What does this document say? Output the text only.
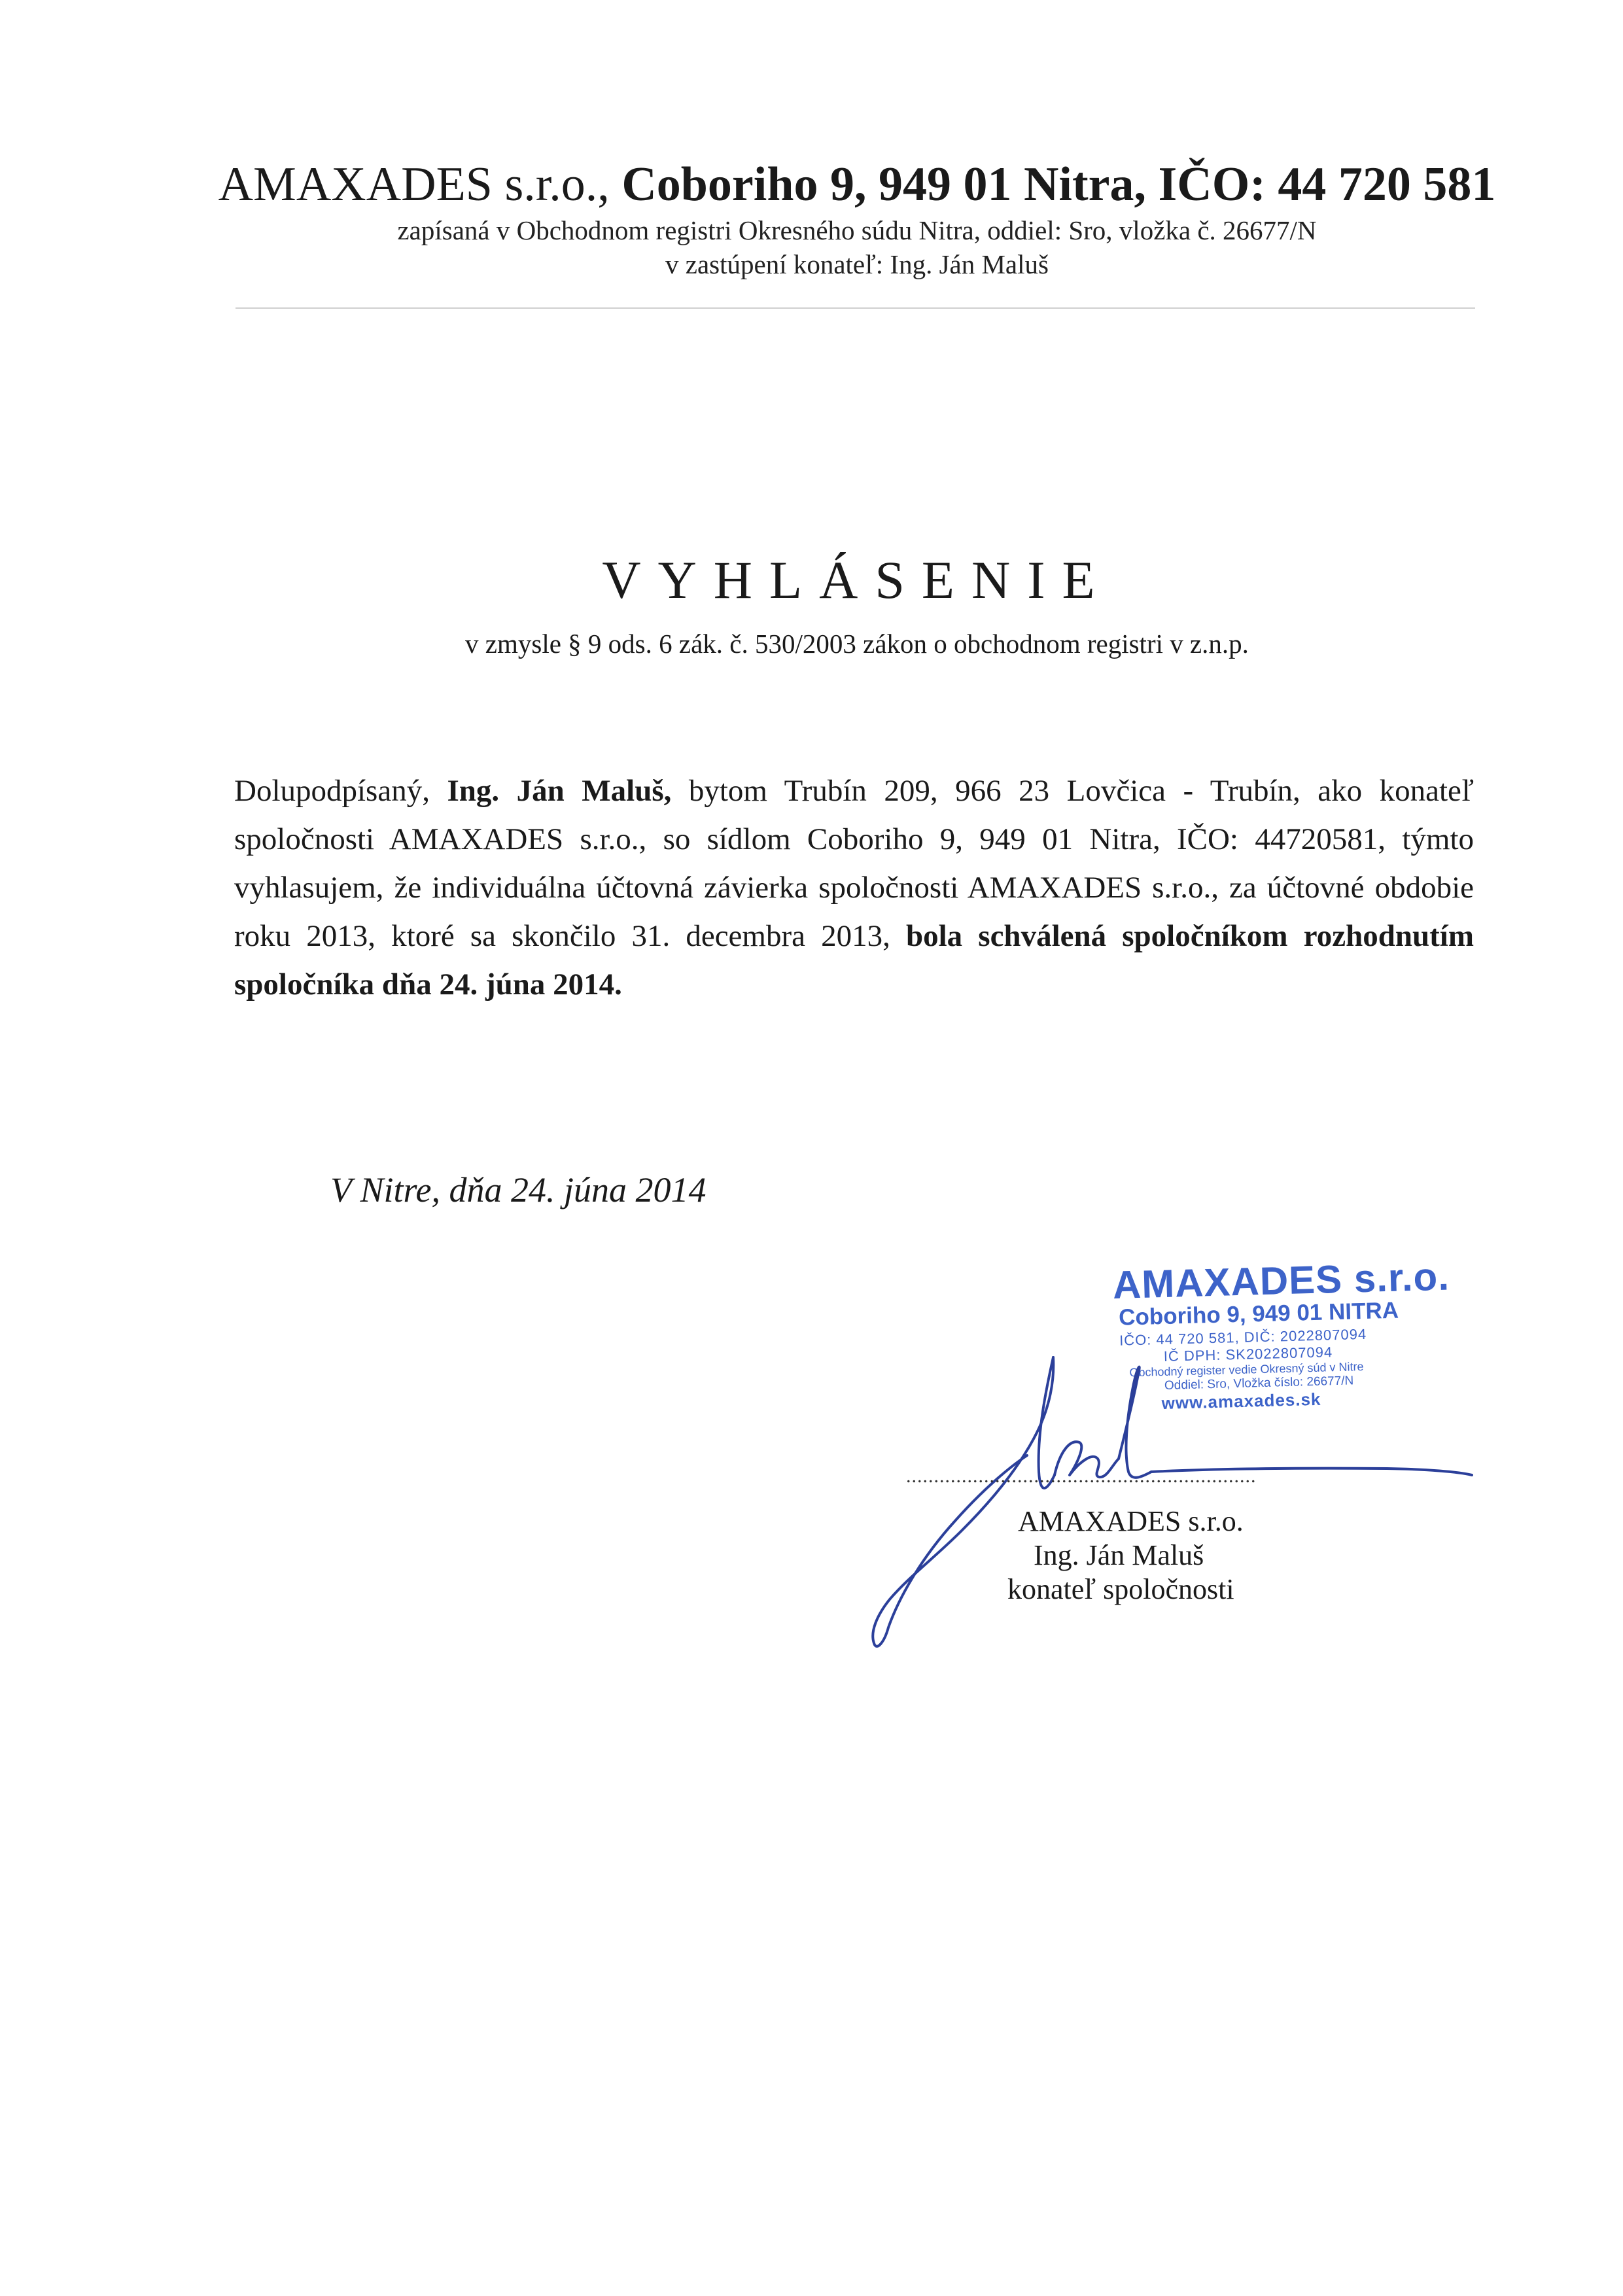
AMAXADES s.r.o., Coboriho 9, 949 01 Nitra, IČO: 44 720 581
zapísaná v Obchodnom registri Okresného súdu Nitra, oddiel: Sro, vložka č. 26677/N
v zastúpení konateľ: Ing. Ján Maluš
VYHLÁSENIE
v zmysle § 9 ods. 6 zák. č. 530/2003 zákon o obchodnom registri v z.n.p.
Dolupodpísaný, Ing. Ján Maluš, bytom Trubín 209, 966 23 Lovčica - Trubín, ako konateľ spoločnosti AMAXADES s.r.o., so sídlom Coboriho 9, 949 01 Nitra, IČO: 44720581, týmto vyhlasujem, že individuálna účtovná závierka spoločnosti AMAXADES s.r.o., za účtovné obdobie roku 2013, ktoré sa skončilo 31. decembra 2013, bola schválená spoločníkom rozhodnutím spoločníka dňa 24. júna 2014.
V Nitre, dňa 24. júna 2014
AMAXADES s.r.o.
Coboriho 9, 949 01 NITRA
IČO: 44 720 581, DIČ: 2022807094
IČ DPH: SK2022807094
Obchodný register vedie Okresný súd v Nitre
Oddiel: Sro, Vložka číslo: 26677/N
www.amaxades.sk
...............................................................
AMAXADES s.r.o.
Ing. Ján Maluš
konateľ spoločnosti
